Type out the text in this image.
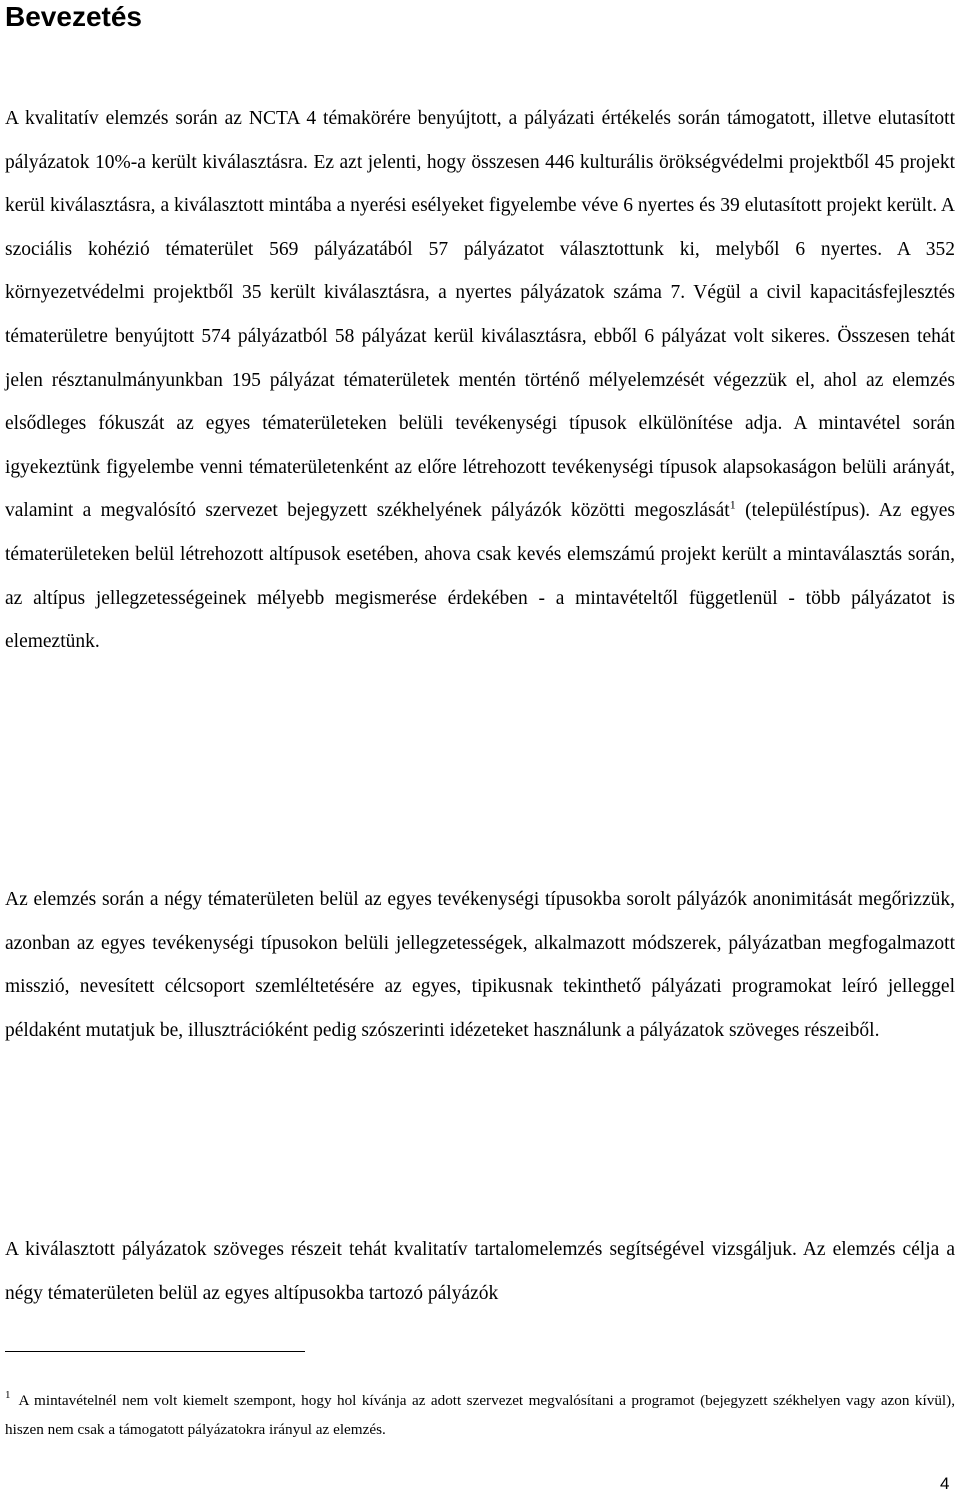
Bevezetés

A kvalitatív elemzés során az NCTA 4 témakörére benyújtott, a pályázati értékelés során támogatott, illetve elutasított pályázatok 10%-a került kiválasztásra. Ez azt jelenti, hogy összesen 446 kulturális örökségvédelmi projektből 45 projekt kerül kiválasztásra, a kiválasztott mintába a nyerési esélyeket figyelembe véve 6 nyertes és 39 elutasított projekt került. A szociális kohézió tématerület 569 pályázatából 57 pályázatot választottunk ki, melyből 6 nyertes. A 352 környezetvédelmi projektből 35 került kiválasztásra, a nyertes pályázatok száma 7. Végül a civil kapacitásfejlesztés tématerületre benyújtott 574 pályázatból 58 pályázat kerül kiválasztásra, ebből 6 pályázat volt sikeres. Összesen tehát jelen résztanulmányunkban 195 pályázat tématerületek mentén történő mélyelemzését végezzük el, ahol az elemzés elsődleges fókuszát az egyes tématerületeken belüli tevékenységi típusok elkülönítése adja. A mintavétel során igyekeztünk figyelembe venni tématerületenként az előre létrehozott tevékenységi típusok alapsokaságon belüli arányát, valamint a megvalósító szervezet bejegyzett székhelyének pályázók közötti megoszlását$^1$ (településtípus). Az egyes tématerületeken belül létrehozott altípusok esetében, ahova csak kevés elemszámú projekt került a mintaválasztás során, az altípus jellegzetességeinek mélyebb megismerése érdekében - a mintavételtől függetlenül - több pályázatot is elemeztünk.

Az elemzés során a négy tématerületen belül az egyes tevékenységi típusokba sorolt pályázók anonimitását megőrizzük, azonban az egyes tevékenységi típusokon belüli jellegzetességek, alkalmazott módszerek, pályázatban megfogalmazott misszió, nevesített célcsoport szemléltetésére az egyes, tipikusnak tekinthető pályázati programokat leíró jelleggel példaként mutatjuk be, illusztrációként pedig szószerinti idézeteket használunk a pályázatok szöveges részeiből.

A kiválasztott pályázatok szöveges részeit tehát kvalitatív tartalomelemzés segítségével vizsgáljuk. Az elemzés célja a négy tématerületen belül az egyes altípusokba tartozó pályázók

$^1$ A mintavételnél nem volt kiemelt szempont, hogy hol kívánja az adott szervezet megvalósítani a programot (bejegyzett székhelyen vagy azon kívül), hiszen nem csak a támogatott pályázatokra irányul az elemzés.

4
